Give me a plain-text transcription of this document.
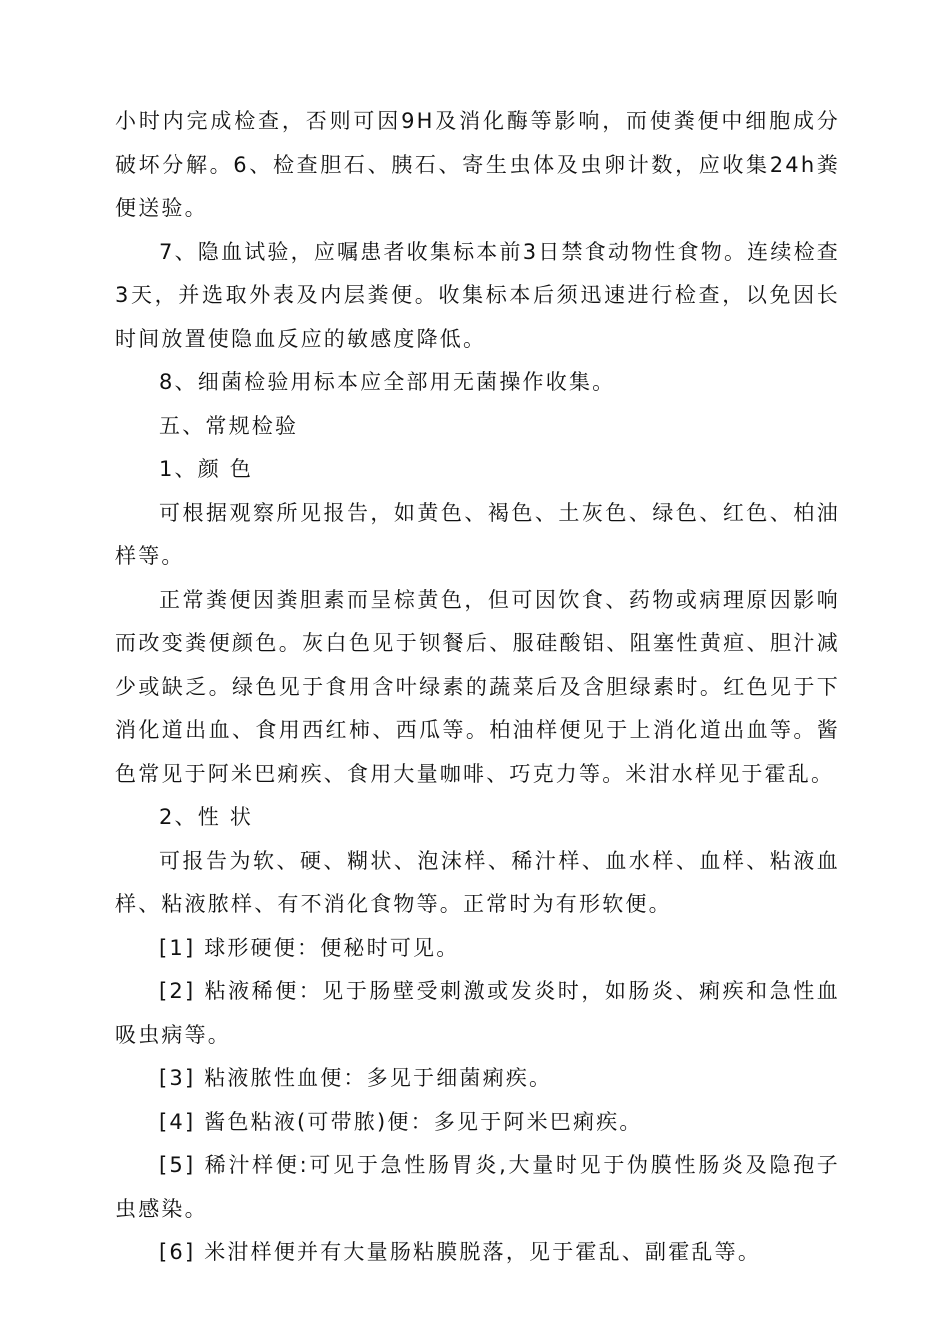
小时内完成检查，否则可因9H及消化酶等影响，而使粪便中细胞成分破坏分解。6、检查胆石、胰石、寄生虫体及虫卵计数，应收集24h粪便送验。

7、隐血试验，应嘱患者收集标本前3日禁食动物性食物。连续检查3天，并选取外表及内层粪便。收集标本后须迅速进行检查，以免因长时间放置使隐血反应的敏感度降低。

8、细菌检验用标本应全部用无菌操作收集。

五、常规检验

1、颜 色

可根据观察所见报告，如黄色、褐色、土灰色、绿色、红色、柏油样等。

正常粪便因粪胆素而呈棕黄色，但可因饮食、药物或病理原因影响而改变粪便颜色。灰白色见于钡餐后、服硅酸铝、阻塞性黄疸、胆汁减少或缺乏。绿色见于食用含叶绿素的蔬菜后及含胆绿素时。红色见于下消化道出血、食用西红柿、西瓜等。柏油样便见于上消化道出血等。酱色常见于阿米巴痢疾、食用大量咖啡、巧克力等。米泔水样见于霍乱。

2、性 状

可报告为软、硬、糊状、泡沫样、稀汁样、血水样、血样、粘液血样、粘液脓样、有不消化食物等。正常时为有形软便。

[1] 球形硬便：便秘时可见。

[2] 粘液稀便：见于肠壁受刺激或发炎时，如肠炎、痢疾和急性血吸虫病等。

[3] 粘液脓性血便：多见于细菌痢疾。

[4] 酱色粘液(可带脓)便：多见于阿米巴痢疾。

[5] 稀汁样便:可见于急性肠胃炎,大量时见于伪膜性肠炎及隐孢子虫感染。

[6] 米泔样便并有大量肠粘膜脱落，见于霍乱、副霍乱等。
